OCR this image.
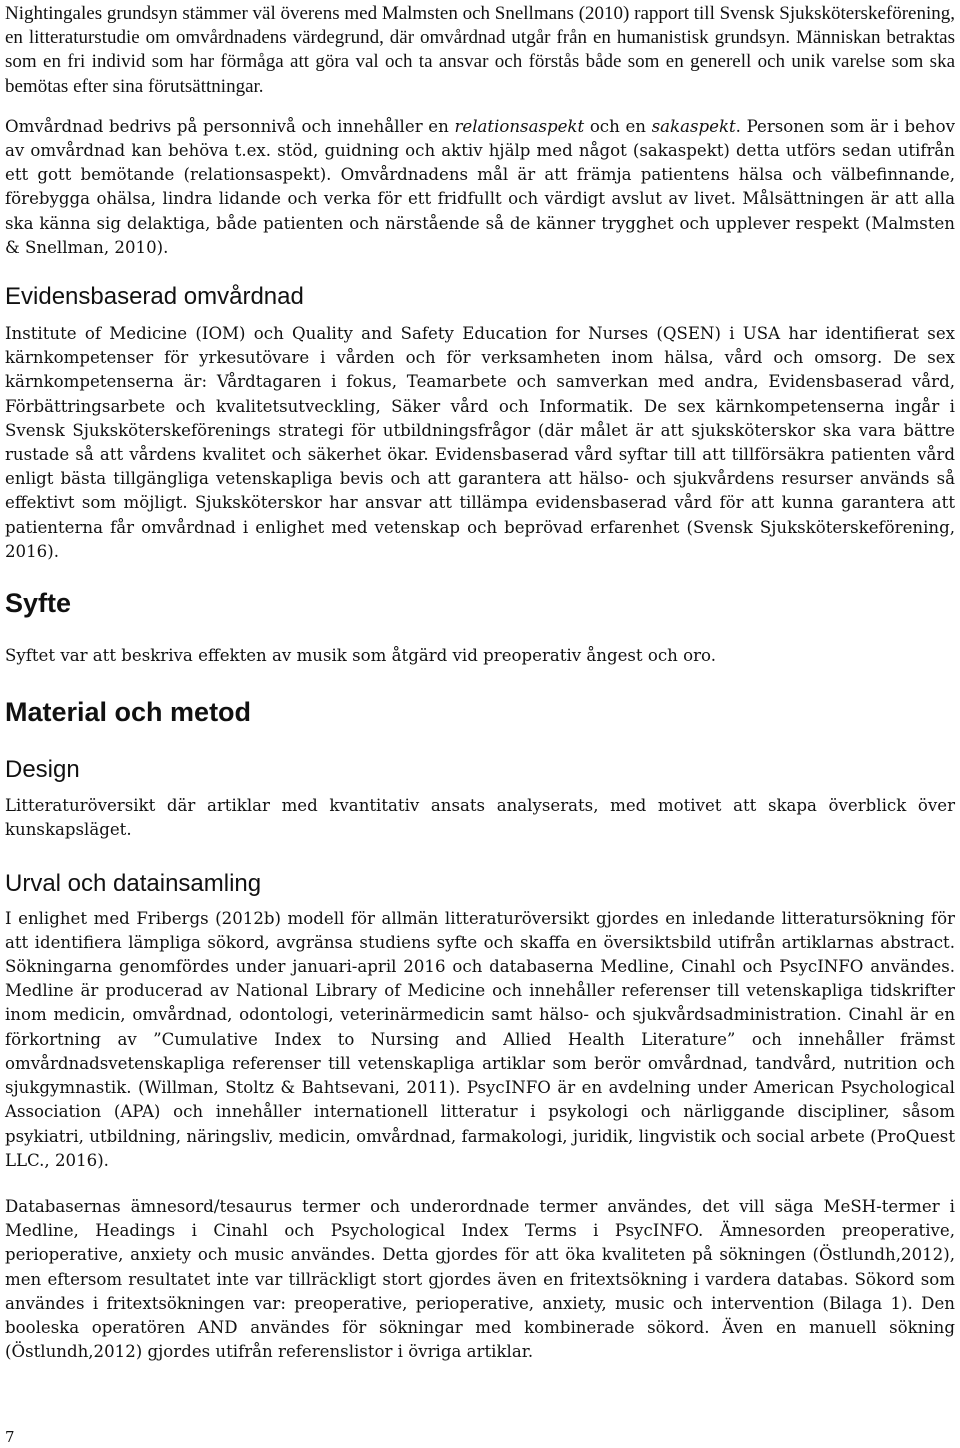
Nightingales grundsyn stämmer väl överens med Malmsten och Snellmans (2010) rapport till Svensk Sjuksköterskeförening, en litteraturstudie om omvårdnadens värdegrund, där omvårdnad utgår från en humanistisk grundsyn. Människan betraktas som en fri individ som har förmåga att göra val och ta ansvar och förstås både som en generell och unik varelse som ska bemötas efter sina förutsättningar.

Omvårdnad bedrivs på personnivå och innehåller en relationsaspekt och en sakaspekt. Personen som är i behov av omvårdnad kan behöva t.ex. stöd, guidning och aktiv hjälp med något (sakaspekt) detta utförs sedan utifrån ett gott bemötande (relationsaspekt). Omvårdnadens mål är att främja patientens hälsa och välbefinnande, förebygga ohälsa, lindra lidande och verka för ett fridfullt och värdigt avslut av livet. Målsättningen är att alla ska känna sig delaktiga, både patienten och närstående så de känner trygghet och upplever respekt (Malmsten & Snellman, 2010).

Evidensbaserad omvårdnad

Institute of Medicine (IOM) och Quality and Safety Education for Nurses (QSEN) i USA har identifierat sex kärnkompetenser för yrkesutövare i vården och för verksamheten inom hälsa, vård och omsorg. De sex kärnkompetenserna är: Vårdtagaren i fokus, Teamarbete och samverkan med andra, Evidensbaserad vård, Förbättringsarbete och kvalitetsutveckling, Säker vård och Informatik. De sex kärnkompetenserna ingår i Svensk Sjuksköterskeförenings strategi för utbildningsfrågor (där målet är att sjuksköterskor ska vara bättre rustade så att vårdens kvalitet och säkerhet ökar. Evidensbaserad vård syftar till att tillförsäkra patienten vård enligt bästa tillgängliga vetenskapliga bevis och att garantera att hälso- och sjukvårdens resurser används så effektivt som möjligt. Sjuksköterskor har ansvar att tillämpa evidensbaserad vård för att kunna garantera att patienterna får omvårdnad i enlighet med vetenskap och beprövad erfarenhet (Svensk Sjuksköterskeförening, 2016).

Syfte

Syftet var att beskriva effekten av musik som åtgärd vid preoperativ ångest och oro.

Material och metod
Design

Litteraturöversikt där artiklar med kvantitativ ansats analyserats, med motivet att skapa överblick över kunskapsläget.

Urval och datainsamling

I enlighet med Fribergs (2012b) modell för allmän litteraturöversikt gjordes en inledande litteratursökning för att identifiera lämpliga sökord, avgränsa studiens syfte och skaffa en översiktsbild utifrån artiklarnas abstract. Sökningarna genomfördes under januari-april 2016 och databaserna Medline, Cinahl och PsycINFO användes. Medline är producerad av National Library of Medicine och innehåller referenser till vetenskapliga tidskrifter inom medicin, omvårdnad, odontologi, veterinärmedicin samt hälso- och sjukvårdsadministration. Cinahl är en förkortning av ”Cumulative Index to Nursing and Allied Health Literature” och innehåller främst omvårdnadsvetenskapliga referenser till vetenskapliga artiklar som berör omvårdnad, tandvård, nutrition och sjukgymnastik. (Willman, Stoltz & Bahtsevani, 2011). PsycINFO är en avdelning under American Psychological Association (APA) och innehåller internationell litteratur i psykologi och närliggande discipliner, såsom psykiatri, utbildning, näringsliv, medicin, omvårdnad, farmakologi, juridik, lingvistik och social arbete (ProQuest LLC., 2016).

Databasernas ämnesord/tesaurus termer och underordnade termer användes, det vill säga MeSH-termer i Medline, Headings i Cinahl och Psychological Index Terms i PsycINFO. Ämnesorden preoperative, perioperative, anxiety och music användes. Detta gjordes för att öka kvaliteten på sökningen (Östlundh,2012), men eftersom resultatet inte var tillräckligt stort gjordes även en fritextsökning i vardera databas. Sökord som användes i fritextsökningen var: preoperative, perioperative, anxiety, music och intervention (Bilaga 1). Den booleska operatören AND användes för sökningar med kombinerade sökord. Även en manuell sökning (Östlundh,2012) gjordes utifrån referenslistor i övriga artiklar.

7
